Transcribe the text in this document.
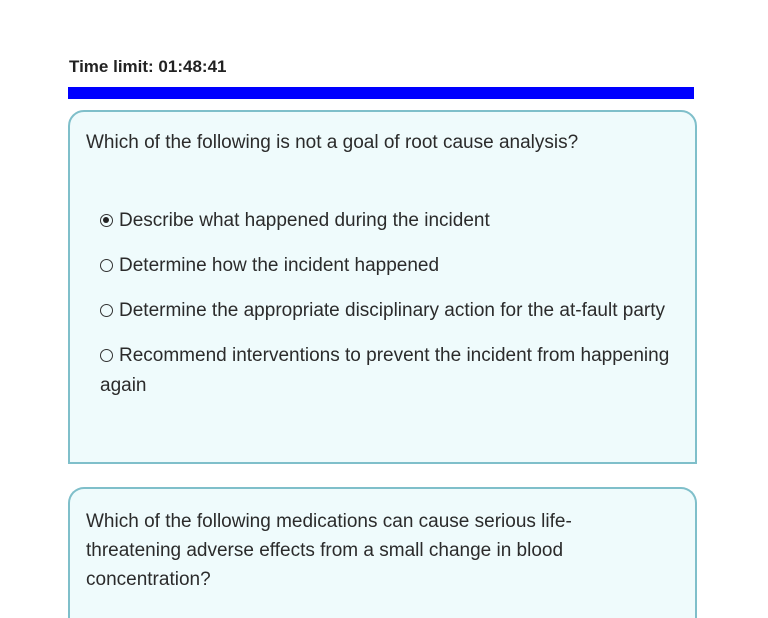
Time limit: 01:48:41
Which of the following is not a goal of root cause analysis?
Describe what happened during the incident
Determine how the incident happened
Determine the appropriate disciplinary action for the at-fault party
Recommend interventions to prevent the incident from happening again
Which of the following medications can cause serious life-threatening adverse effects from a small change in blood concentration?
